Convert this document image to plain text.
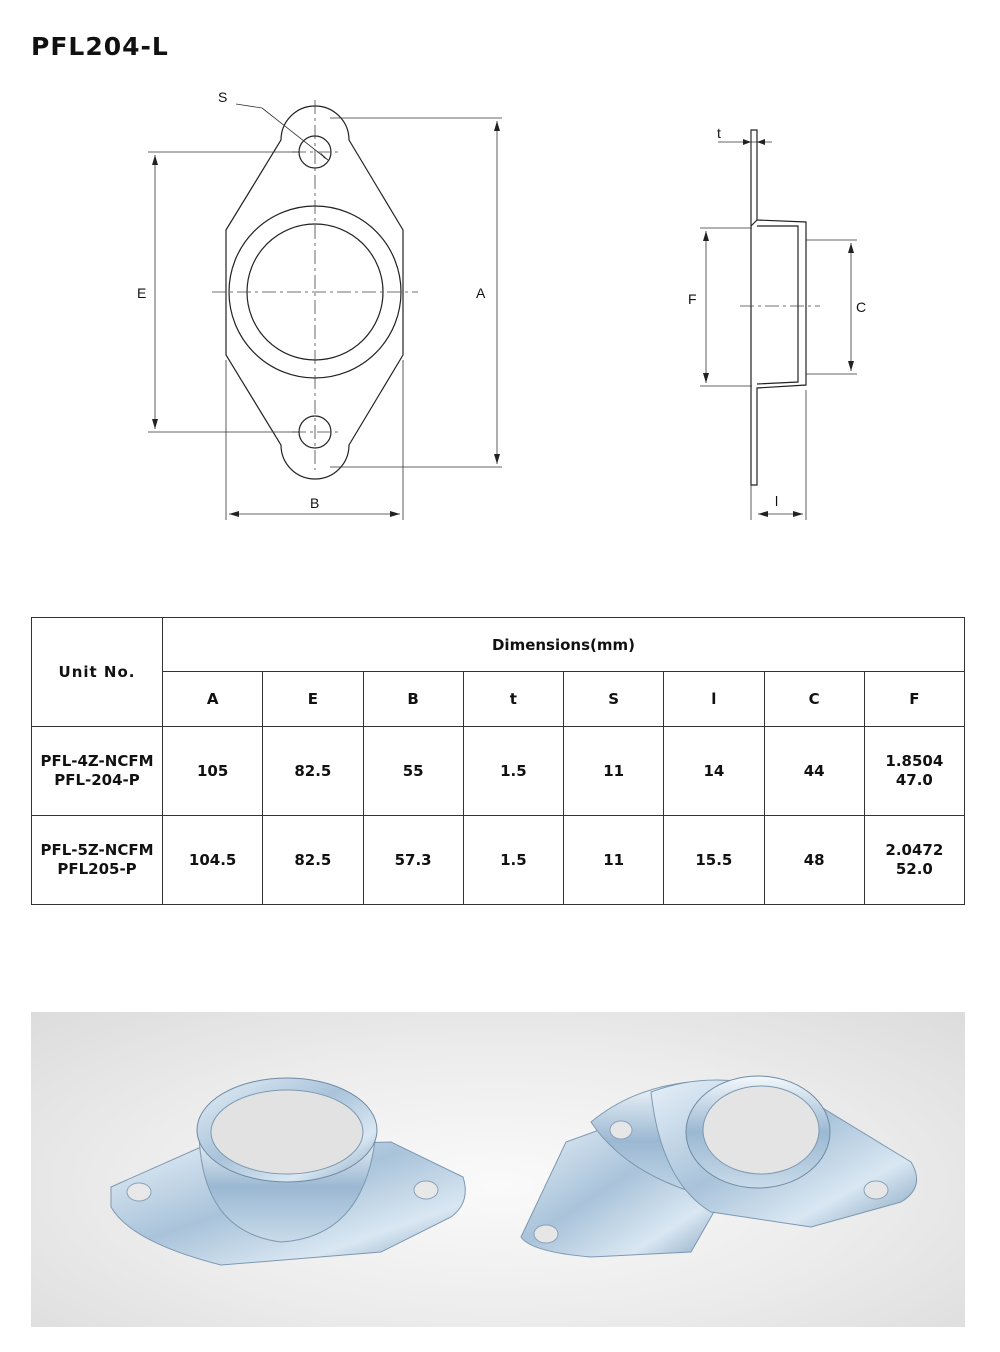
PFL204-L
S
E	A
B
t
F	C
l
Unit No.	Dimensions(mm)							
	A	E	B	t	S	l	C	F

PFL-4Z-NCFM
PFL-204-P	105	82.5	55	1.5	11	14	44	1.8504
47.0

PFL-5Z-NCFM
PFL205-P	104.5	82.5	57.3	1.5	11	15.5	48	2.0472
52.0
